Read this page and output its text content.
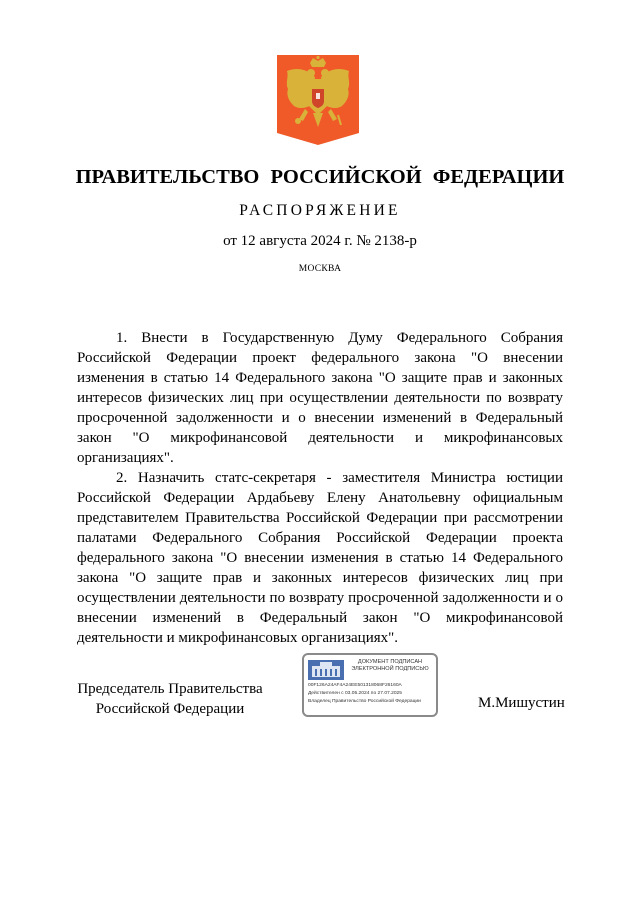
ПРАВИТЕЛЬСТВО РОССИЙСКОЙ ФЕДЕРАЦИИ
РАСПОРЯЖЕНИЕ
от 12 августа 2024 г. № 2138-р
МОСКВА

1. Внести в Государственную Думу Федерального Собрания Российской Федерации проект федерального закона "О внесении изменения в статью 14 Федерального закона "О защите прав и законных интересов физических лиц при осуществлении деятельности по возврату просроченной задолженности и о внесении изменений в Федеральный закон "О микрофинансовой деятельности и микрофинансовых организациях".

2. Назначить статс-секретаря - заместителя Министра юстиции Российской Федерации Ардабьеву Елену Анатольевну официальным представителем Правительства Российской Федерации при рассмотрении палатами Федерального Собрания Российской Федерации проекта федерального закона "О внесении изменения в статью 14 Федерального закона "О защите прав и законных интересов физических лиц при осуществлении деятельности по возврату просроченной задолженности и о внесении изменений в Федеральный закон "О микрофинансовой деятельности и микрофинансовых организациях".

Председатель Правительства
Российской Федерации
ДОКУМЕНТ ПОДПИСАН
ЭЛЕКТРОННОЙ ПОДПИСЬЮ
00F126A24AF4A24EE501318068F26160A
Действителен с 03.05.2024 по 27.07.2025
Владелец Правительство Российской Федерации	М.Мишустин
